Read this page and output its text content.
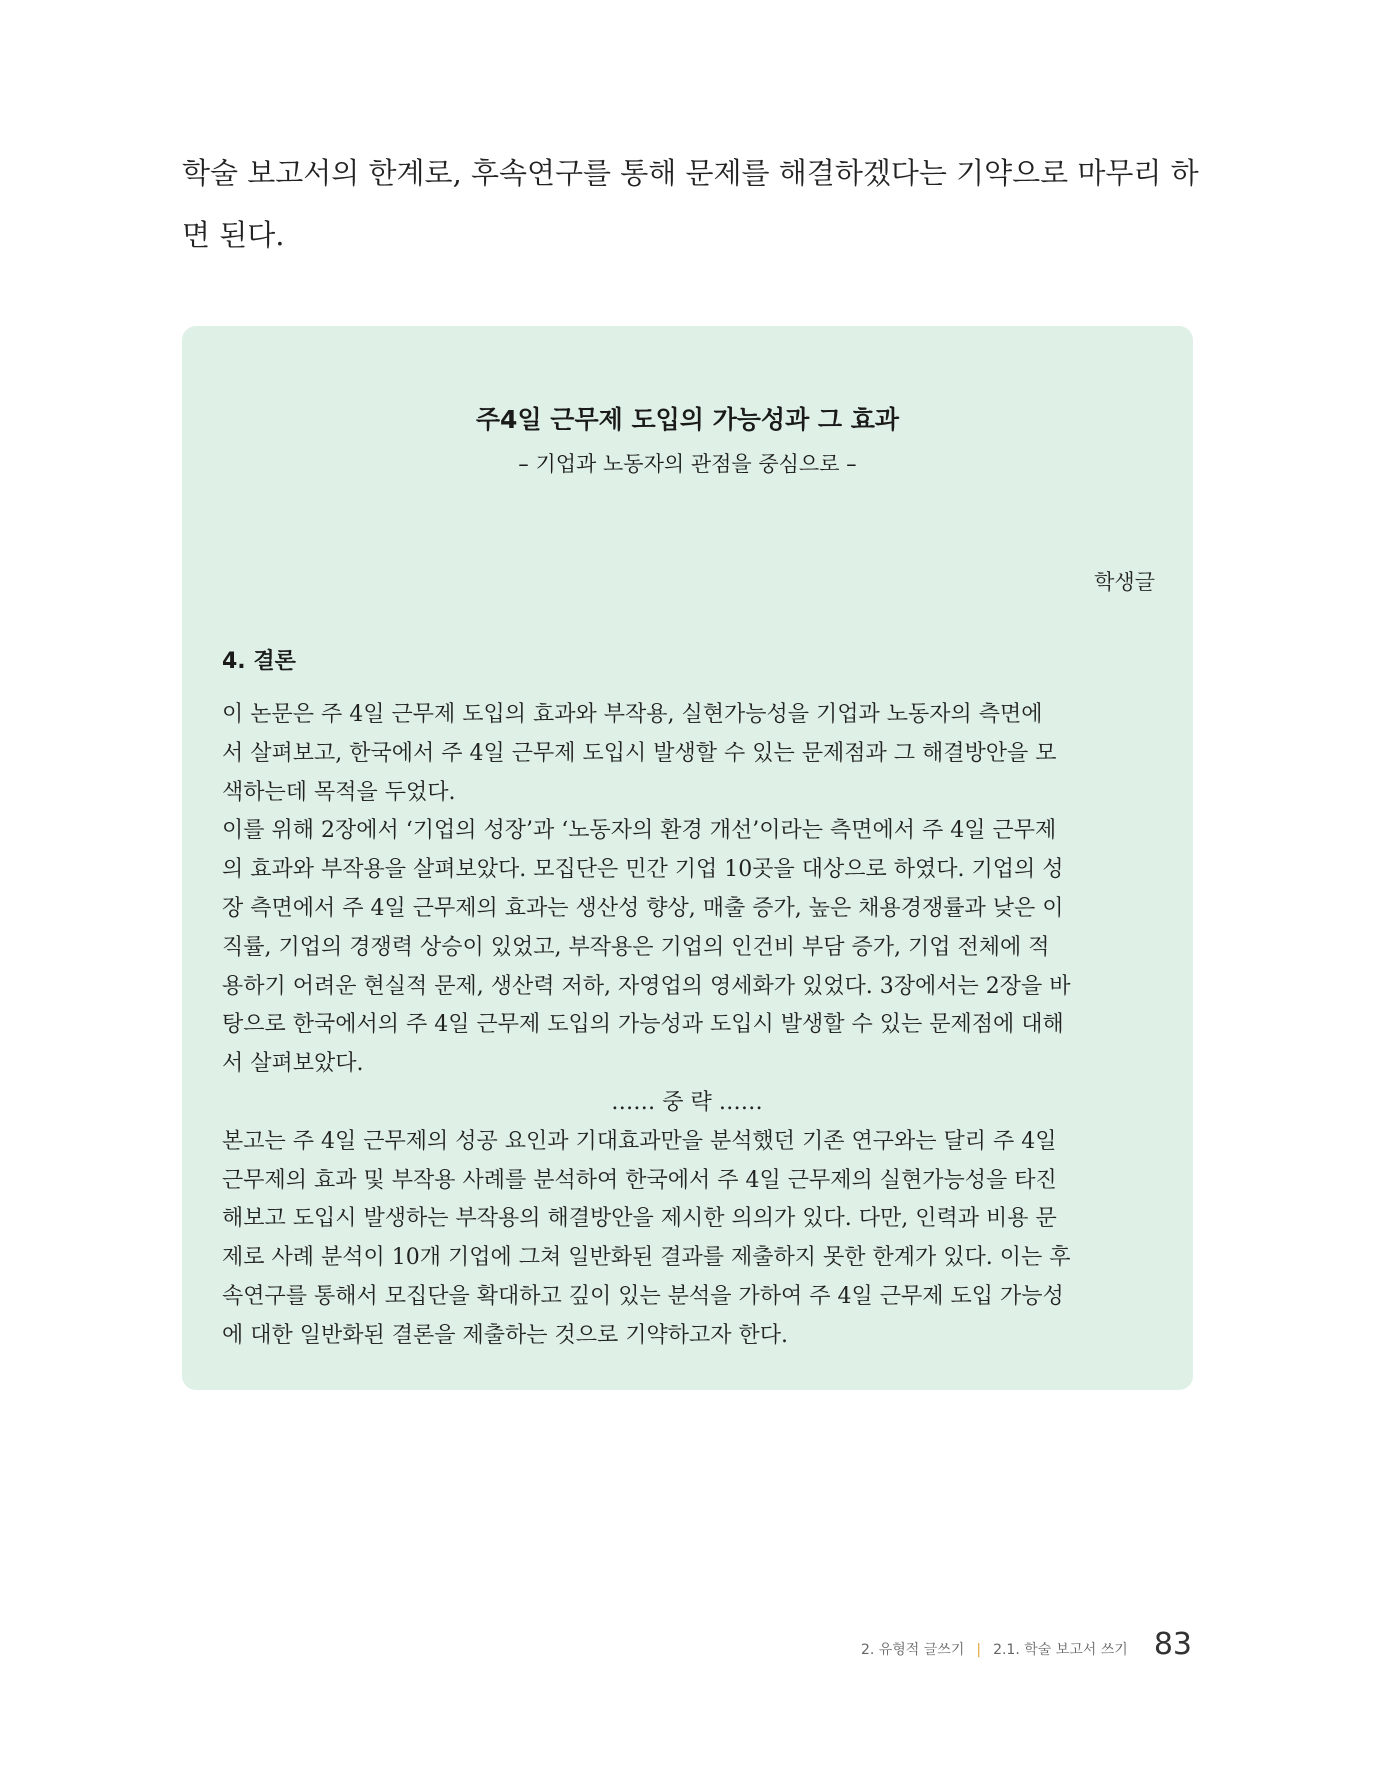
학술 보고서의 한계로, 후속연구를 통해 문제를 해결하겠다는 기약으로 마무리 하
면 된다.
주4일 근무제 도입의 가능성과 그 효과
– 기업과 노동자의 관점을 중심으로 –
학생글
4. 결론
이 논문은 주 4일 근무제 도입의 효과와 부작용, 실현가능성을 기업과 노동자의 측면에
서 살펴보고, 한국에서 주 4일 근무제 도입시 발생할 수 있는 문제점과 그 해결방안을 모
색하는데 목적을 두었다.
이를 위해 2장에서 ‘기업의 성장’과 ‘노동자의 환경 개선’이라는 측면에서 주 4일 근무제
의 효과와 부작용을 살펴보았다. 모집단은 민간 기업 10곳을 대상으로 하였다. 기업의 성
장 측면에서 주 4일 근무제의 효과는 생산성 향상, 매출 증가, 높은 채용경쟁률과 낮은 이
직률, 기업의 경쟁력 상승이 있었고, 부작용은 기업의 인건비 부담 증가, 기업 전체에 적
용하기 어려운 현실적 문제, 생산력 저하, 자영업의 영세화가 있었다. 3장에서는 2장을 바
탕으로 한국에서의 주 4일 근무제 도입의 가능성과 도입시 발생할 수 있는 문제점에 대해
서 살펴보았다.
…… 중 략 ……
본고는 주 4일 근무제의 성공 요인과 기대효과만을 분석했던 기존 연구와는 달리 주 4일
근무제의 효과 및 부작용 사례를 분석하여 한국에서 주 4일 근무제의 실현가능성을 타진
해보고 도입시 발생하는 부작용의 해결방안을 제시한 의의가 있다. 다만, 인력과 비용 문
제로 사례 분석이 10개 기업에 그쳐 일반화된 결과를 제출하지 못한 한계가 있다. 이는 후
속연구를 통해서 모집단을 확대하고 깊이 있는 분석을 가하여 주 4일 근무제 도입 가능성
에 대한 일반화된 결론을 제출하는 것으로 기약하고자 한다.
2. 유형적 글쓰기 | 2.1. 학술 보고서 쓰기 83
